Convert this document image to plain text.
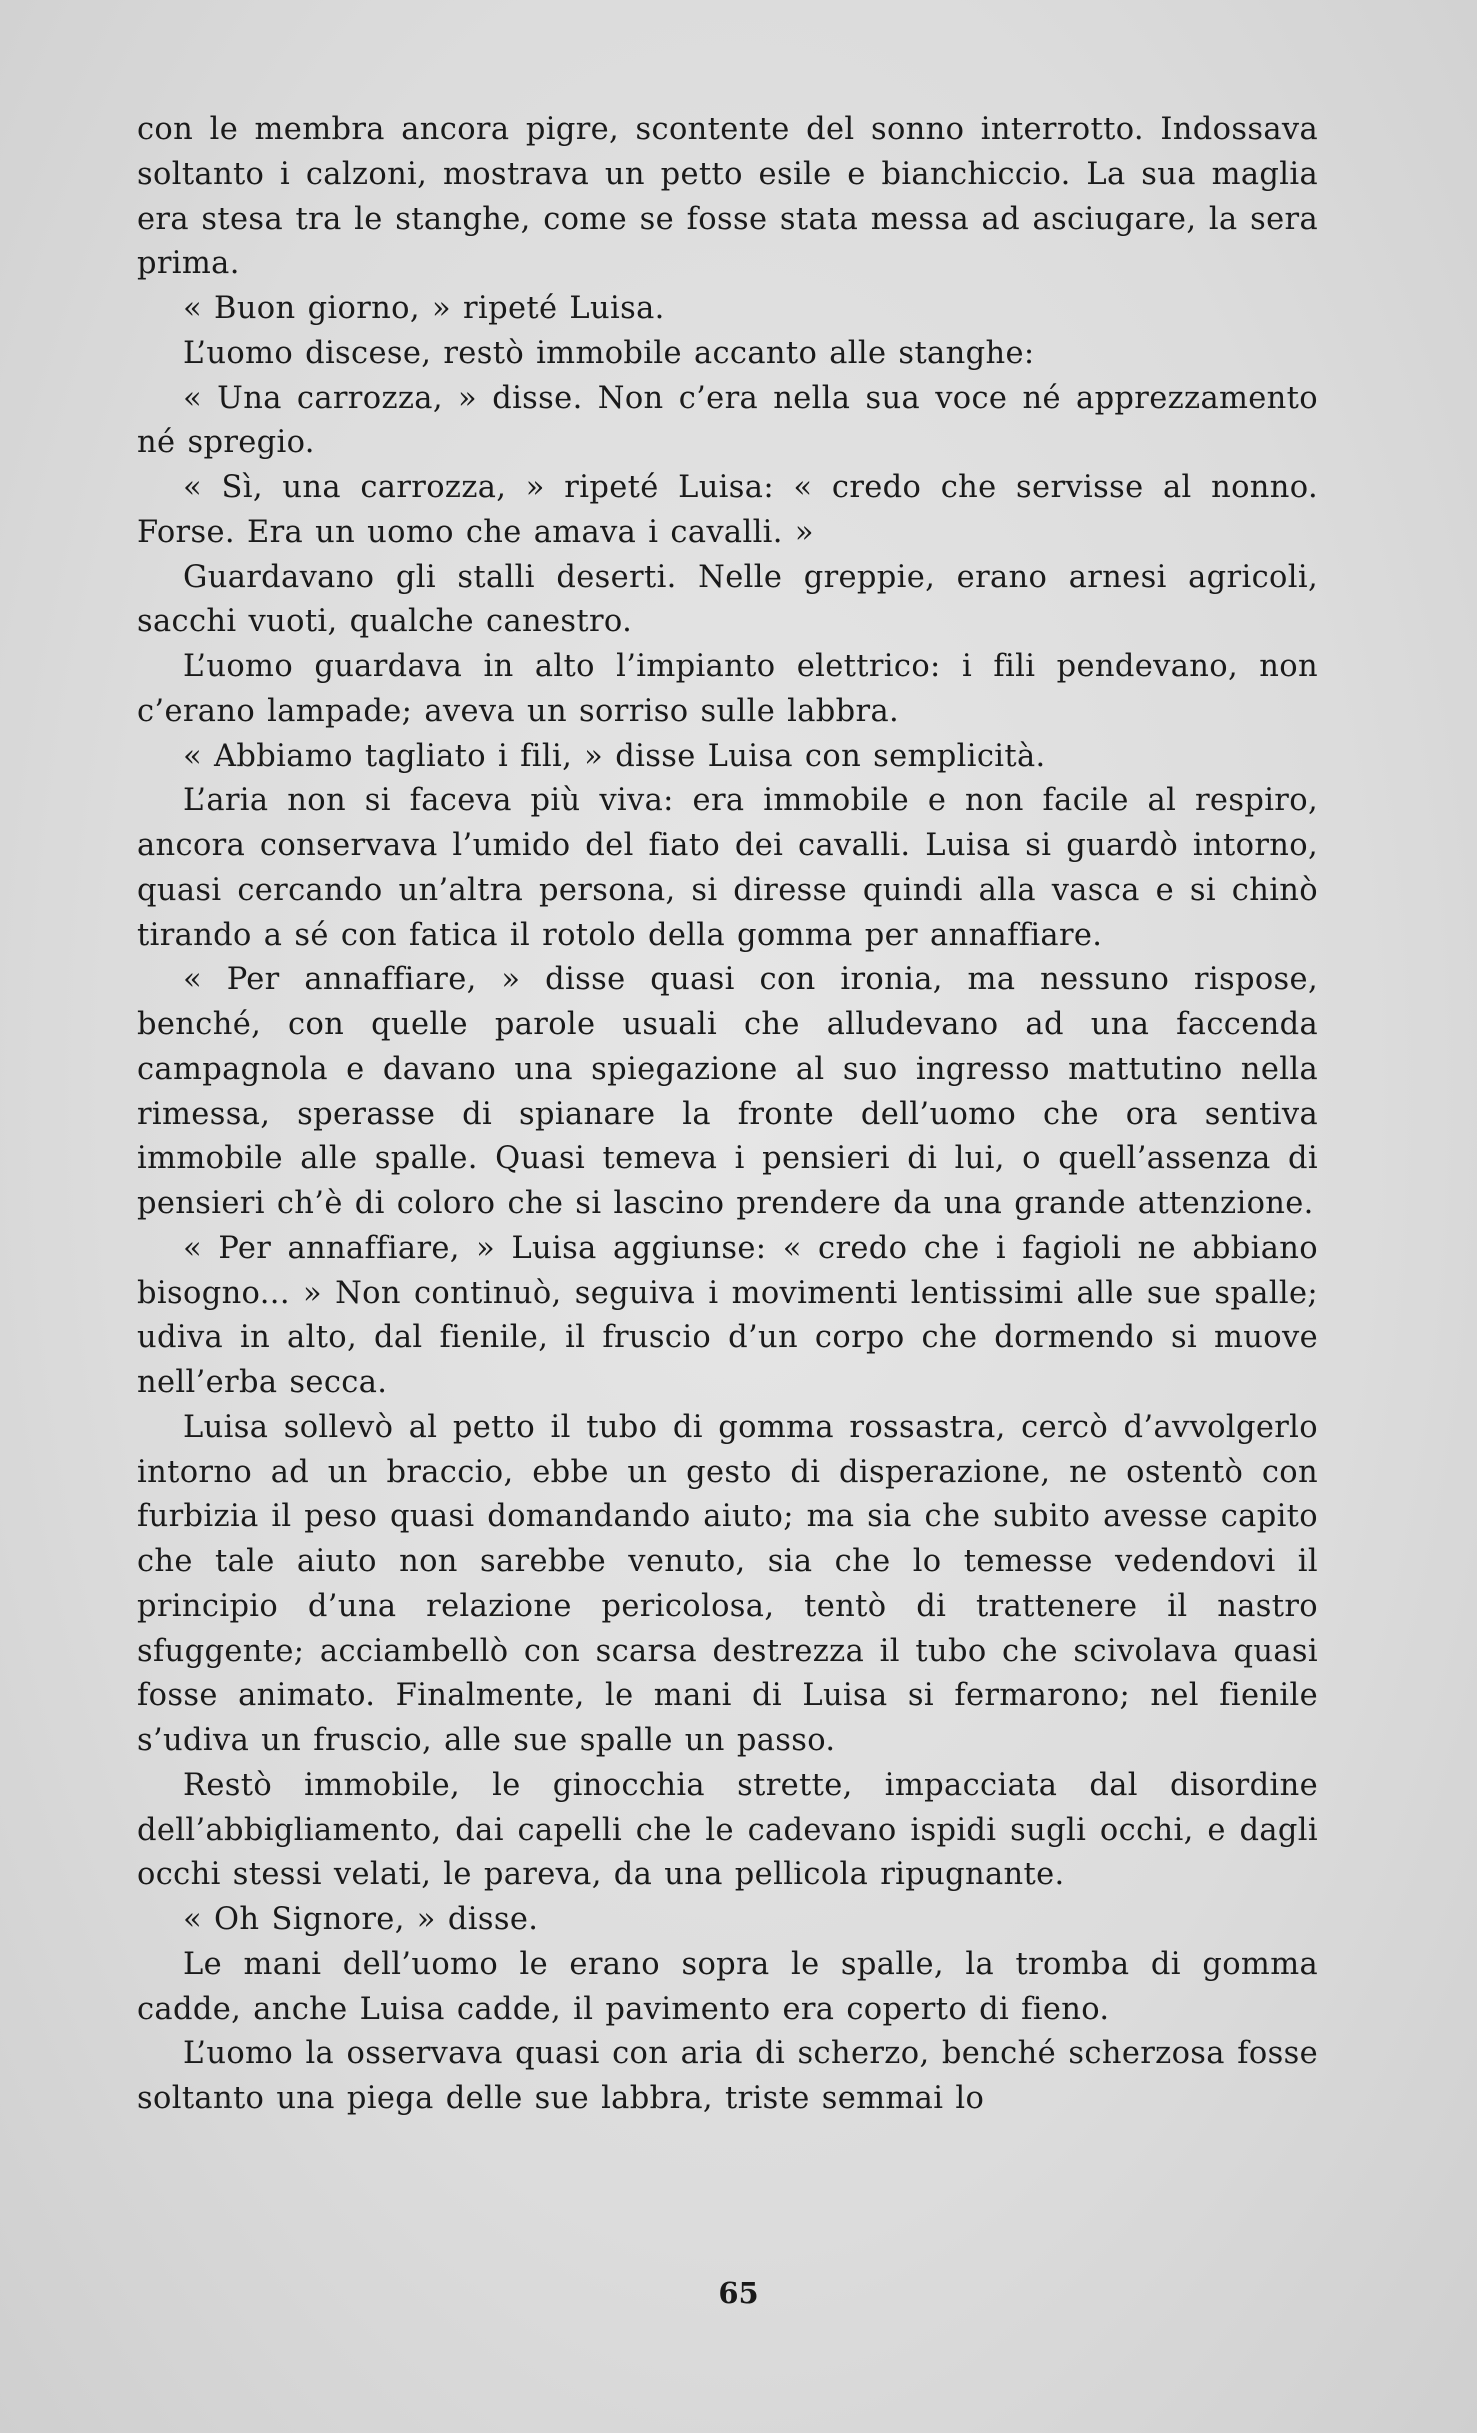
con le membra ancora pigre, scontente del sonno interrotto. Indossava soltanto i calzoni, mostrava un petto esile e bianchiccio. La sua maglia era stesa tra le stanghe, come se fosse stata messa ad asciugare, la sera prima.

« Buon giorno, » ripeté Luisa.

L’uomo discese, restò immobile accanto alle stanghe:

« Una carrozza, » disse. Non c’era nella sua voce né apprezzamento né spregio.

« Sì, una carrozza, » ripeté Luisa: « credo che servisse al nonno. Forse. Era un uomo che amava i cavalli. »

Guardavano gli stalli deserti. Nelle greppie, erano arnesi agricoli, sacchi vuoti, qualche canestro.

L’uomo guardava in alto l’impianto elettrico: i fili pendevano, non c’erano lampade; aveva un sorriso sulle labbra.

« Abbiamo tagliato i fili, » disse Luisa con semplicità.

L’aria non si faceva più viva: era immobile e non facile al respiro, ancora conservava l’umido del fiato dei cavalli. Luisa si guardò intorno, quasi cercando un’altra persona, si diresse quindi alla vasca e si chinò tirando a sé con fatica il rotolo della gomma per annaffiare.

« Per annaffiare, » disse quasi con ironia, ma nessuno rispose, benché, con quelle parole usuali che alludevano ad una faccenda campagnola e davano una spiegazione al suo ingresso mattutino nella rimessa, sperasse di spianare la fronte dell’uomo che ora sentiva immobile alle spalle. Quasi temeva i pensieri di lui, o quell’assenza di pensieri ch’è di coloro che si lascino prendere da una grande attenzione.

« Per annaffiare, » Luisa aggiunse: « credo che i fagioli ne abbiano bisogno... » Non continuò, seguiva i movimenti lentissimi alle sue spalle; udiva in alto, dal fienile, il fruscio d’un corpo che dormendo si muove nell’erba secca.

Luisa sollevò al petto il tubo di gomma rossastra, cercò d’avvolgerlo intorno ad un braccio, ebbe un gesto di disperazione, ne ostentò con furbizia il peso quasi domandando aiuto; ma sia che subito avesse capito che tale aiuto non sarebbe venuto, sia che lo temesse vedendovi il principio d’una relazione pericolosa, tentò di trattenere il nastro sfuggente; acciambellò con scarsa destrezza il tubo che scivolava quasi fosse animato. Finalmente, le mani di Luisa si fermarono; nel fienile s’udiva un fruscio, alle sue spalle un passo.

Restò immobile, le ginocchia strette, impacciata dal disordine dell’abbigliamento, dai capelli che le cadevano ispidi sugli occhi, e dagli occhi stessi velati, le pareva, da una pellicola ripugnante.

« Oh Signore, » disse.

Le mani dell’uomo le erano sopra le spalle, la tromba di gomma cadde, anche Luisa cadde, il pavimento era coperto di fieno.

L’uomo la osservava quasi con aria di scherzo, benché scherzosa fosse soltanto una piega delle sue labbra, triste semmai lo

65
